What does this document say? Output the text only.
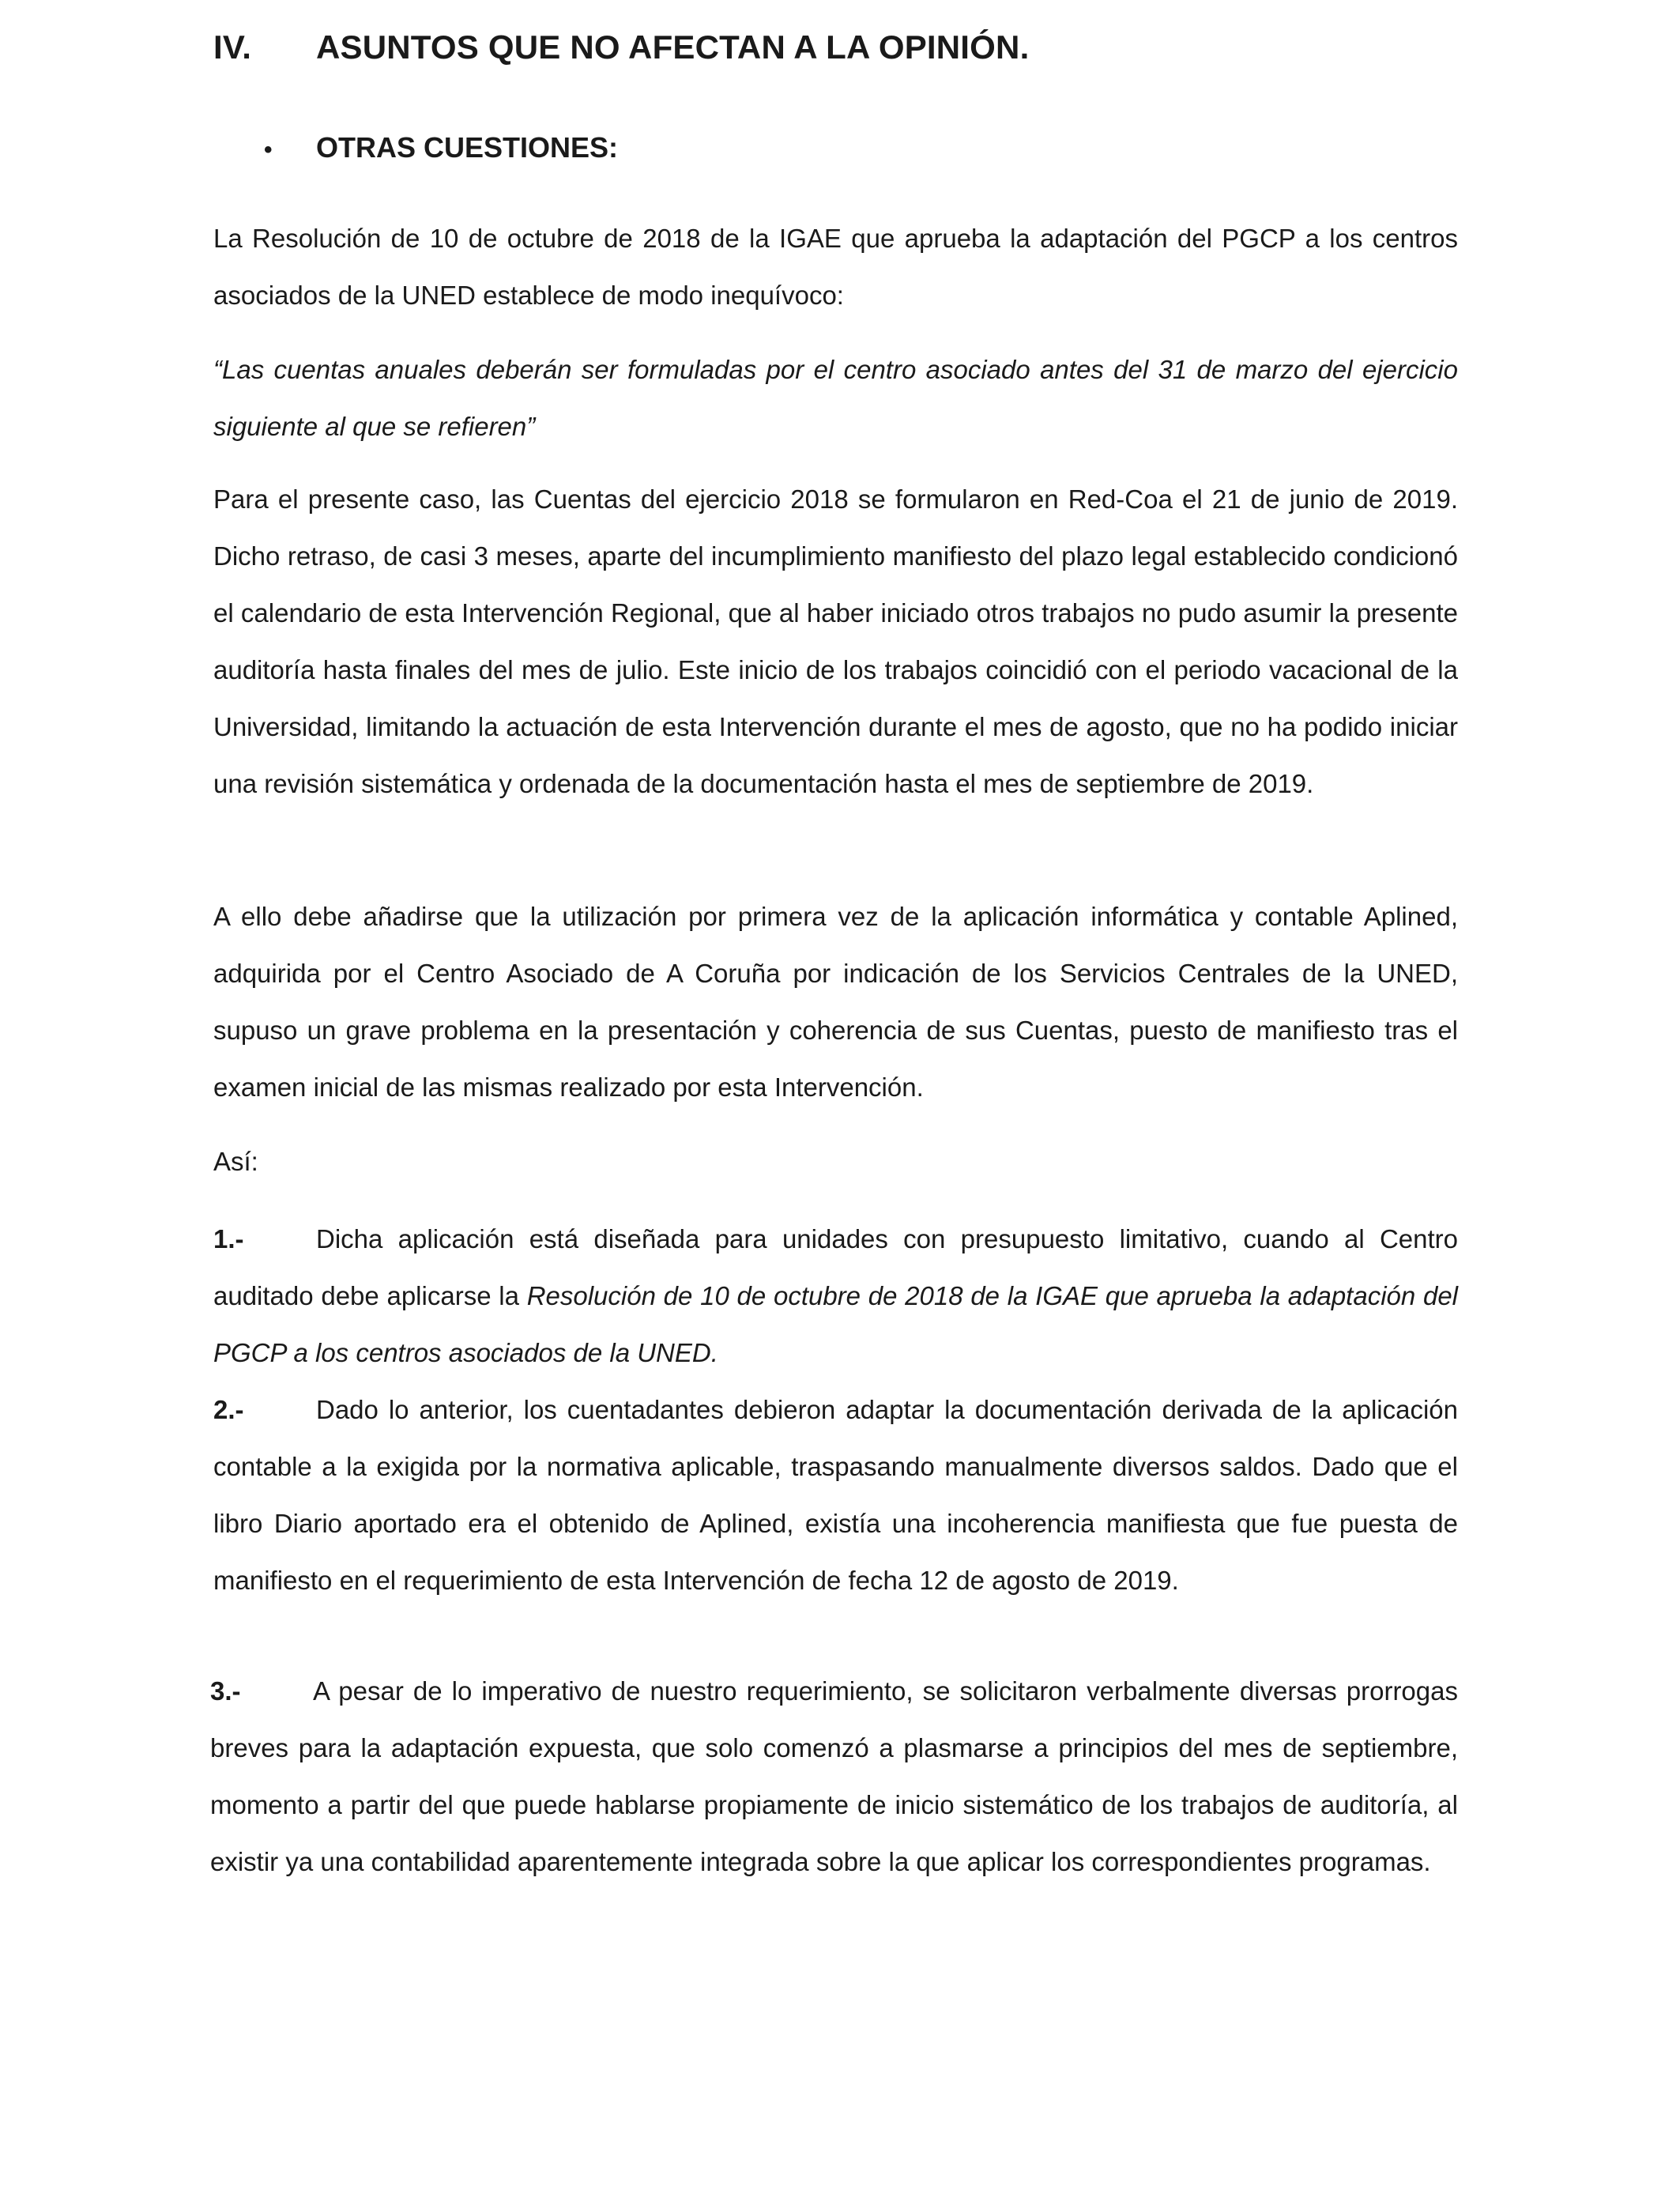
IV. ASUNTOS QUE NO AFECTAN A LA OPINIÓN.
• OTRAS CUESTIONES:

La Resolución de 10 de octubre de 2018 de la IGAE que aprueba la adaptación del PGCP a los centros asociados de la UNED establece de modo inequívoco:

“Las cuentas anuales deberán ser formuladas por el centro asociado antes del 31 de marzo del ejercicio siguiente al que se refieren”

Para el presente caso, las Cuentas del ejercicio 2018 se formularon en Red-Coa el 21 de junio de 2019. Dicho retraso, de casi 3 meses, aparte del incumplimiento manifiesto del plazo legal establecido condicionó el calendario de esta Intervención Regional, que al haber iniciado otros trabajos no pudo asumir la presente auditoría hasta finales del mes de julio. Este inicio de los trabajos coincidió con el periodo vacacional de la Universidad, limitando la actuación de esta Intervención durante el mes de agosto, que no ha podido iniciar una revisión sistemática y ordenada de la documentación hasta el mes de septiembre de 2019.

A ello debe añadirse que la utilización por primera vez de la aplicación informática y contable Aplined, adquirida por el Centro Asociado de A Coruña por indicación de los Servicios Centrales de la UNED, supuso un grave problema en la presentación y coherencia de sus Cuentas, puesto de manifiesto tras el examen inicial de las mismas realizado por esta Intervención.

Así:

1.-	Dicha aplicación está diseñada para unidades con presupuesto limitativo, cuando al Centro auditado debe aplicarse la Resolución de 10 de octubre de 2018 de la IGAE que aprueba la adaptación del PGCP a los centros asociados de la UNED.

2.-	Dado lo anterior, los cuentadantes debieron adaptar la documentación derivada de la aplicación contable a la exigida por la normativa aplicable, traspasando manualmente diversos saldos. Dado que el libro Diario aportado era el obtenido de Aplined, existía una incoherencia manifiesta que fue puesta de manifiesto en el requerimiento de esta Intervención de fecha 12 de agosto de 2019.

3.-	A pesar de lo imperativo de nuestro requerimiento, se solicitaron verbalmente diversas prorrogas breves para la adaptación expuesta, que solo comenzó a plasmarse a principios del mes de septiembre, momento a partir del que puede hablarse propiamente de inicio sistemático de los trabajos de auditoría, al existir ya una contabilidad aparentemente integrada sobre la que aplicar los correspondientes programas.
